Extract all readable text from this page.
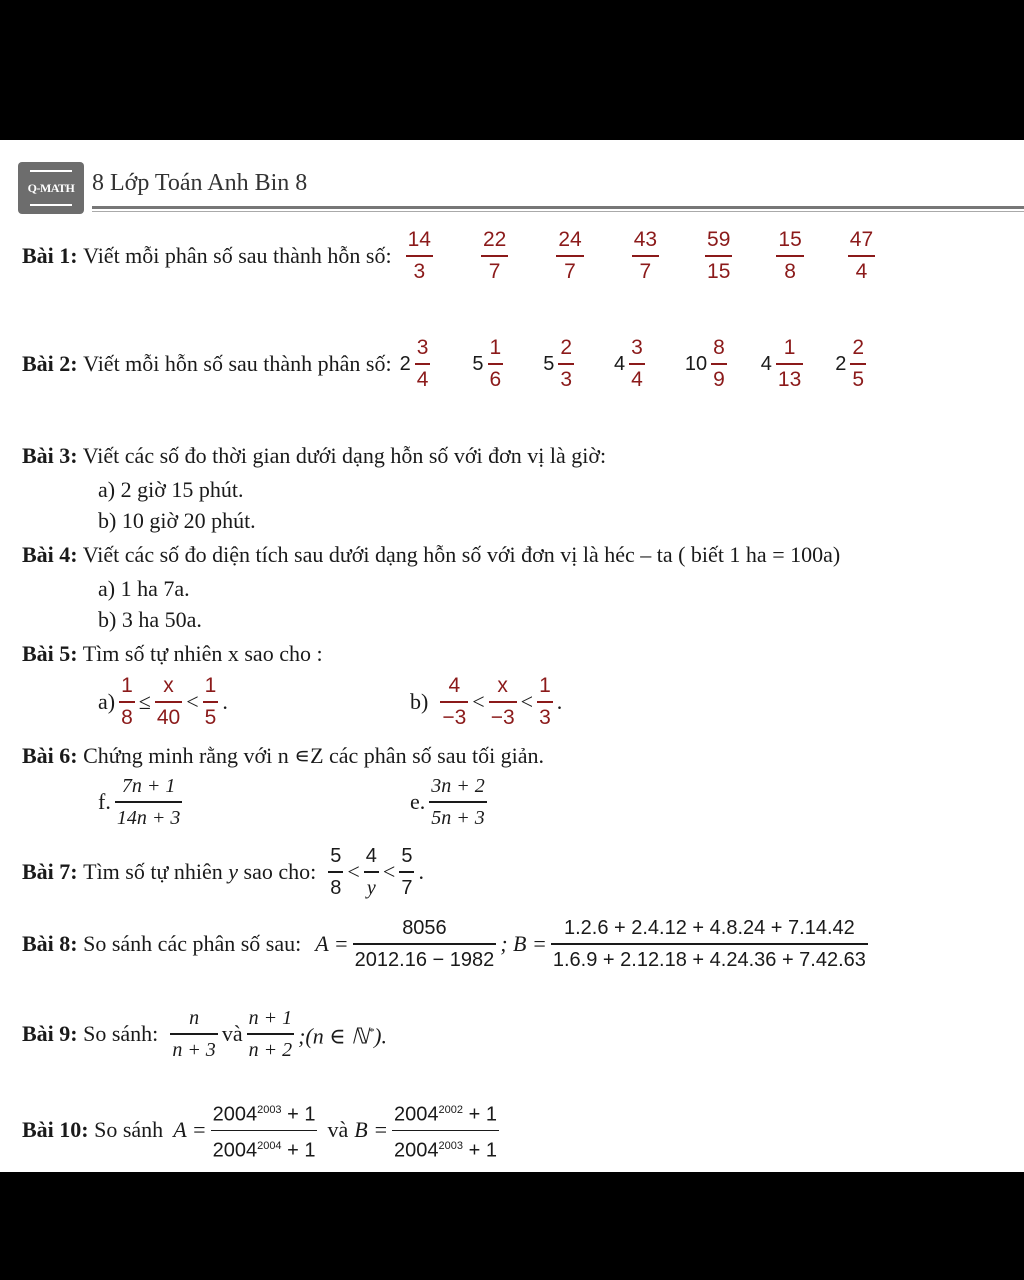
Q-MATH 8 Lớp Toán Anh Bin 8
Bài 1:
Viết mỗi phân số sau thành hỗn số: $\frac{14}{3} \frac{22}{7} \frac{24}{7} \frac{43}{7} \frac{59}{15} \frac{15}{8} \frac{47}{4}$
Bài 2:
Viết mỗi hỗn số sau thành phân số: $2 \frac{3}{4} 5 \frac{1}{6} 5 \frac{2}{3} 4 \frac{3}{4} 10 \frac{8}{9} 4 \frac{1}{13} 2 \frac{2}{5}$
Bài 3: Viết các số đo thời gian dưới dạng hỗn số với đơn vị là giờ:
a) 2 giờ 15 phút.
b) 10 giờ 20 phút.
Bài 4: Viết các số đo diện tích sau dưới dạng hỗn số với đơn vị là héc – ta ( biết 1 ha = 100a)
a) 1 ha 7a.
b) 3 ha 50a.
Bài 5: Tìm số tự nhiên x sao cho :
$a) \frac{1}{8} \le \frac{x}{40} < \frac{1}{5}$ .	$b) \frac{4}{-3} < \frac{x}{-3} < \frac{1}{3}$ .
Bài 6: Chứng minh rằng với n ∊Z các phân số sau tối giản.
f. $\frac{7n + 1}{14n + 3}$	e. $\frac{3n + 2}{5n + 3}$
Bài 7:
Tìm số tự nhiên
y
sao cho: $\frac{5}{8} < \frac{4}{y} < \frac{5}{7}$ .
Bài 8:
So sánh các phân số sau: $A = \frac{8056}{2012.16 - 1982}$ ; $B = \frac{1.2.6 + 2.4.12 + 4.8.24 + 7.14.42}{1.6.9 + 2.12.18 + 4.24.36 + 7.42.63}$
Bài 9:
So sánh: $\frac{n}{n + 3}$ và $\frac{n + 1}{n + 2}$ ;(n ∈ ℕ*).
Bài 10:
So sánh $A = \frac{2004^{2003} + 1}{2004^{2004} + 1}$ và $B = \frac{2004^{2002} + 1}{2004^{2003} + 1}$
